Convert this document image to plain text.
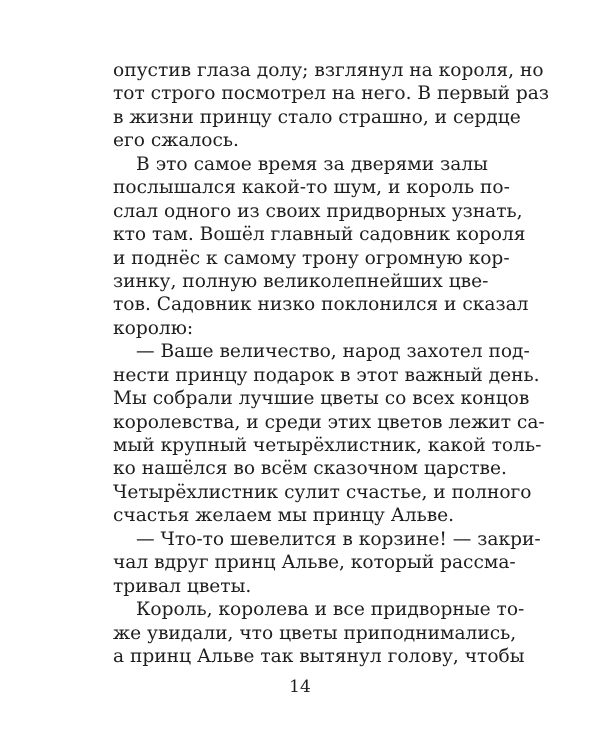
опустив глаза долу; взглянул на короля, но
тот строго посмотрел на него. В первый раз
в жизни принцу стало страшно, и сердце
его сжалось.
В это самое время за дверями залы
послышался какой-то шум, и король по-
слал одного из своих придворных узнать,
кто там. Вошёл главный садовник короля
и поднёс к самому трону огромную кор-
зинку, полную великолепнейших цве-
тов. Садовник низко поклонился и сказал
королю:
— Ваше величество, народ захотел под-
нести принцу подарок в этот важный день.
Мы собрали лучшие цветы со всех концов
королевства, и среди этих цветов лежит са-
мый крупный четырёхлистник, какой толь-
ко нашёлся во всём сказочном царстве.
Четырёхлистник сулит счастье, и полного
счастья желаем мы принцу Альве.
— Что-то шевелится в корзине! — закри-
чал вдруг принц Альве, который рассма-
тривал цветы.
Король, королева и все придворные то-
же увидали, что цветы приподнимались,
а принц Альве так вытянул голову, чтобы
14
